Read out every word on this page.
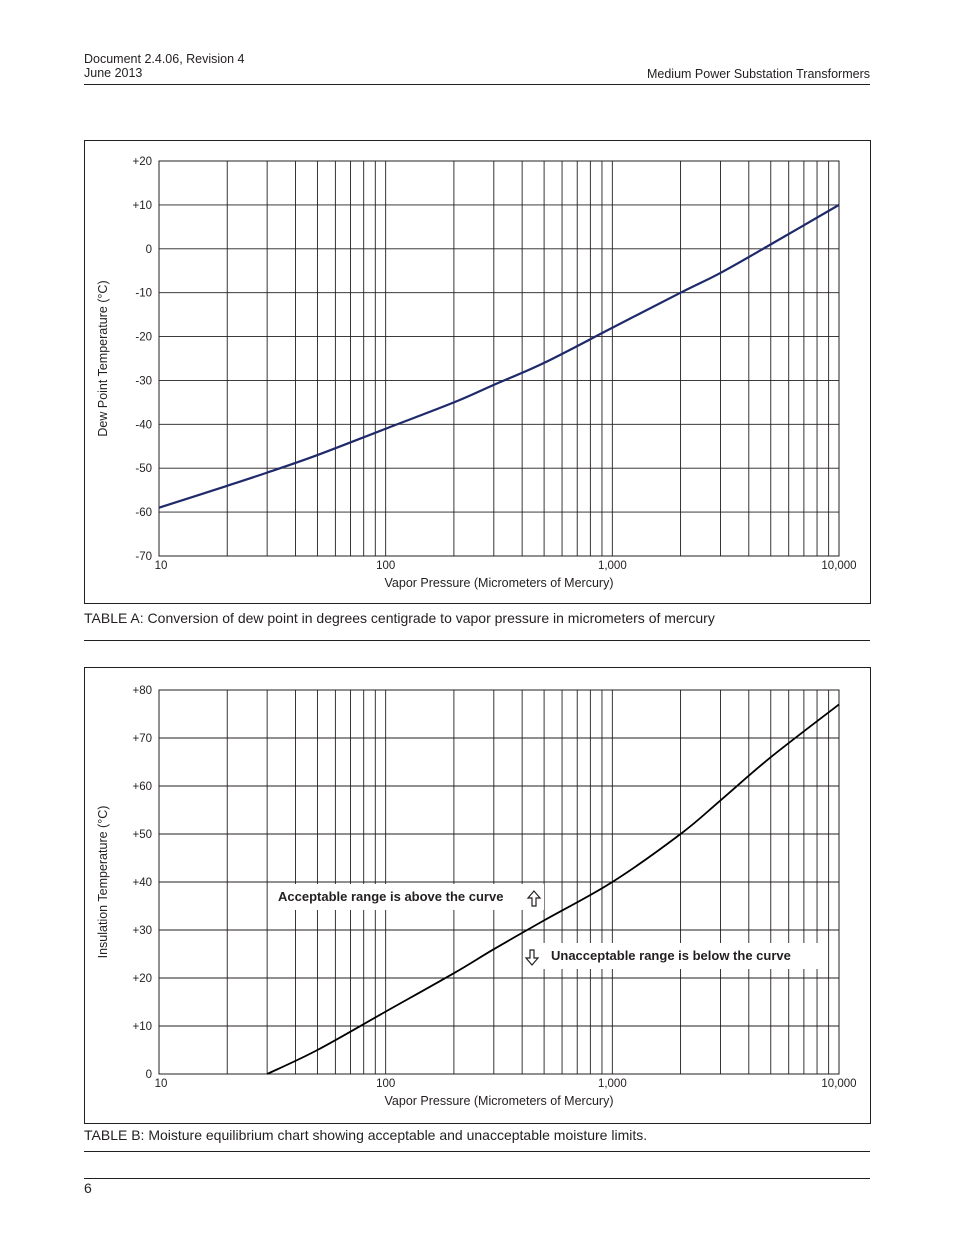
Document 2.4.06, Revision 4
June 2013	Medium Power Substation Transformers
+20
+10
0
-10
-20
-30
-40
-50
-60
-70
10	100	1,000	10,000
Vapor Pressure (Micrometers of Mercury)
Dew Point Temperature (°C)
TABLE A: Conversion of dew point in degrees centigrade to vapor pressure in micrometers of mercury
+80
+70
+60
+50
+40
+30
+20
+10
0
10	100	1,000	10,000
Vapor Pressure (Micrometers of Mercury)
Insulation Temperature (°C)	Acceptable range is above the curve
Unacceptable range is below the curve
TABLE B: Moisture equilibrium chart showing acceptable and unacceptable moisture limits.
6
